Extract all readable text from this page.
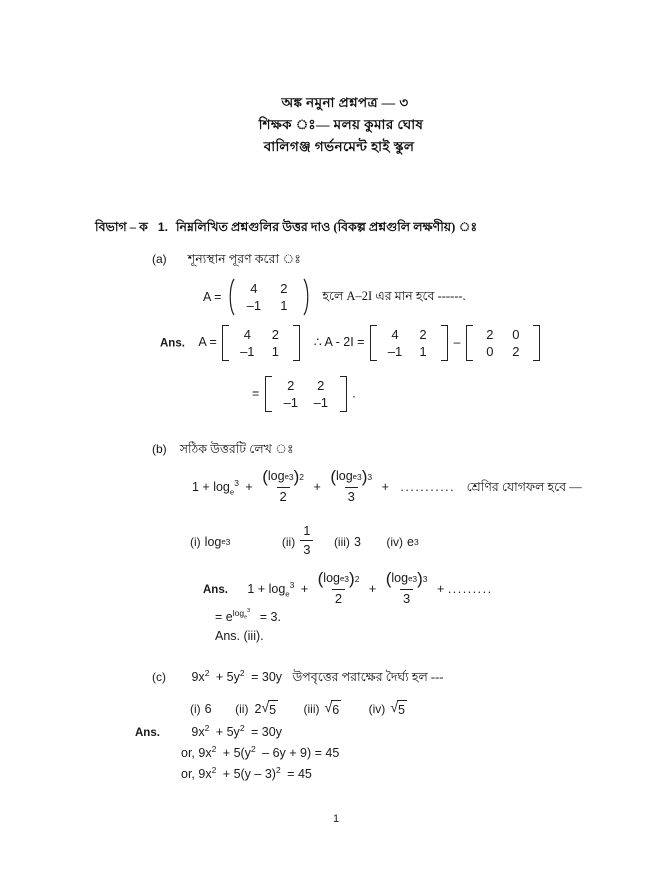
অঙ্ক নমুনা প্রশ্নপত্র — ৩
শিক্ষক ঃ— মলয় কুমার ঘোষ
বালিগঞ্জ গর্ভনমেন্ট হাই স্কুল
বিভাগ – ক 1. নিম্নলিখিত প্রশ্নগুলির উত্তর দাও (বিকল্প প্রশ্নগুলি লক্ষণীয়) ঃ
(a) শূন্যস্থান পূরণ করো ঃ
A =
4	2
–1	1
হলে A–2I এর মান হবে ------.
Ans. A =
4	2
–1	1
∴ A - 2I =
4	2
–1	1
–
2	0
0	2
=
2	2
–1	–1
.
(b) সঠিক উত্তরটি লেখ ঃ
$1 + \log_e^3 + \frac{\text{( log e 3 ) 2}}{2} + \frac{\text{( log e 3 ) 3}}{3}$ + ........... শ্রেণির যোগফল হবে —
(i) log e 3
	$(ii) \frac{1}{3}$
(iii) 3
(iv) e 3
Ans. $1 + \log_e^3 + \frac{\text{( log e 3 ) 2}}{2} + \frac{\text{( log e 3 ) 3}}{3}$ + .........
= $e^{log_e^3} = 3$.
Ans. (iii).
(c) $9x^2 + 5y^2 = 30y$ উপবৃত্তের পরাক্ষের দৈর্ঘ্য হল ---
(i) 6
(ii) 2 √ 5
(iii) √ 6
(iv) √ 5
Ans.	$9x^2 + 5y^2 = 30y$
or, $9x^2 + 5(y^2 - 6y + 9) = 45$
or, $9x^2 + 5(y - 3)^2 = 45$
1
